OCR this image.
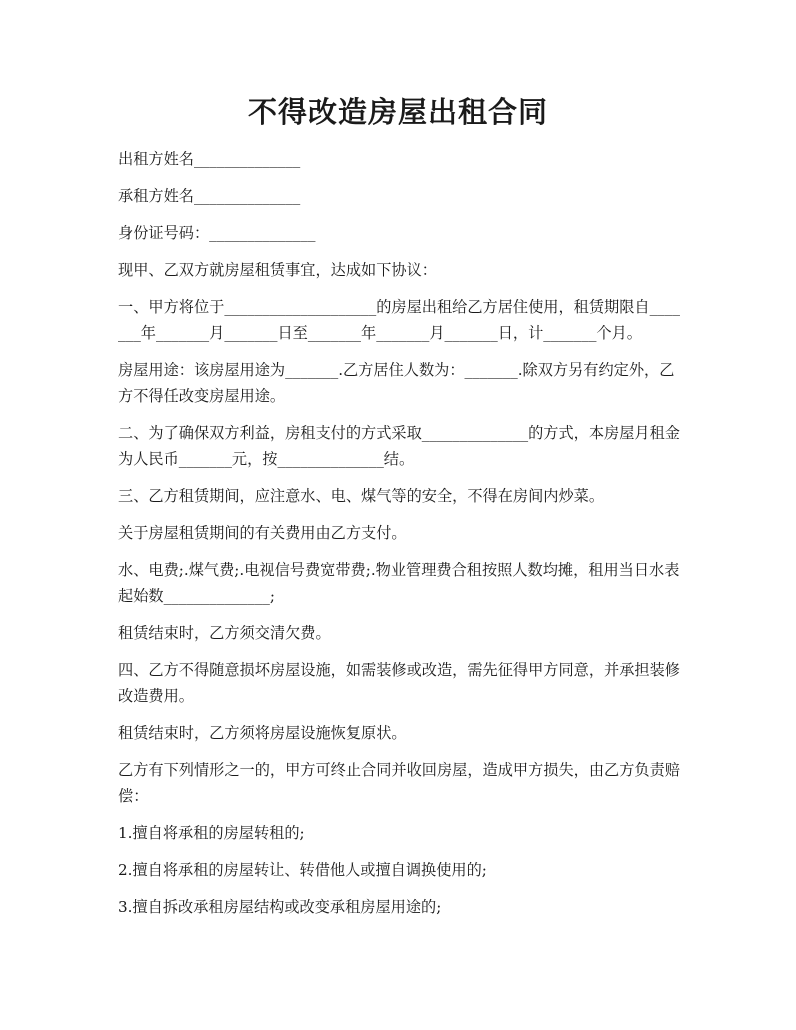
不得改造房屋出租合同

出租方姓名______________

承租方姓名______________

身份证号码：______________

现甲、乙双方就房屋租赁事宜，达成如下协议：

一、甲方将位于____________________的房屋出租给乙方居住使用，租赁期限自_______年_______月_______日至_______年_______月_______日，计_______个月。

房屋用途：该房屋用途为_______.乙方居住人数为：_______.除双方另有约定外，乙方不得任改变房屋用途。

二、为了确保双方利益，房租支付的方式采取______________的方式，本房屋月租金为人民币_______元，按______________结。

三、乙方租赁期间，应注意水、电、煤气等的安全，不得在房间内炒菜。

关于房屋租赁期间的有关费用由乙方支付。

水、电费;.煤气费;.电视信号费宽带费;.物业管理费合租按照人数均摊，租用当日水表起始数______________;

租赁结束时，乙方须交清欠费。

四、乙方不得随意损坏房屋设施，如需装修或改造，需先征得甲方同意，并承担装修改造费用。

租赁结束时，乙方须将房屋设施恢复原状。

乙方有下列情形之一的，甲方可终止合同并收回房屋，造成甲方损失，由乙方负责赔偿：

1.擅自将承租的房屋转租的;

2.擅自将承租的房屋转让、转借他人或擅自调换使用的;

3.擅自拆改承租房屋结构或改变承租房屋用途的;
